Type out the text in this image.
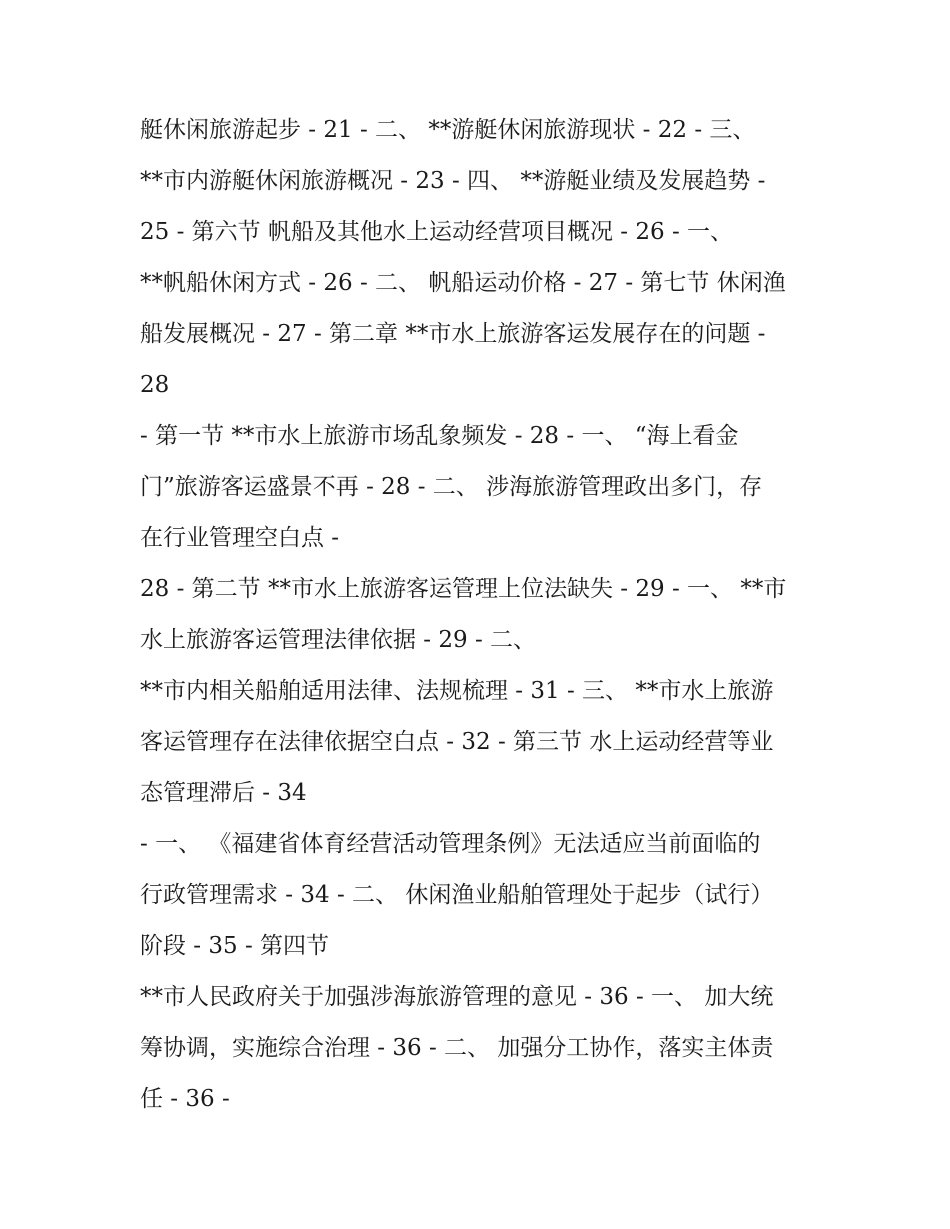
艇休闲旅游起步 - 21 - 二、 **游艇休闲旅游现状 - 22 - 三、
**市内游艇休闲旅游概况 - 23 - 四、 **游艇业绩及发展趋势 -
25 - 第六节 帆船及其他水上运动经营项目概况 - 26 - 一、
**帆船休闲方式 - 26 - 二、 帆船运动价格 - 27 - 第七节 休闲渔
船发展概况 - 27 - 第二章 **市水上旅游客运发展存在的问题 -
28
- 第一节 **市水上旅游市场乱象频发 - 28 - 一、 “海上看金
门”旅游客运盛景不再 - 28 - 二、 涉海旅游管理政出多门，存
在行业管理空白点 -
28 - 第二节 **市水上旅游客运管理上位法缺失 - 29 - 一、 **市
水上旅游客运管理法律依据 - 29 - 二、
**市内相关船舶适用法律、法规梳理 - 31 - 三、 **市水上旅游
客运管理存在法律依据空白点 - 32 - 第三节 水上运动经营等业
态管理滞后 - 34
- 一、 《福建省体育经营活动管理条例》无法适应当前面临的
行政管理需求 - 34 - 二、 休闲渔业船舶管理处于起步（试行）
阶段 - 35 - 第四节
**市人民政府关于加强涉海旅游管理的意见 - 36 - 一、 加大统
筹协调，实施综合治理 - 36 - 二、 加强分工协作，落实主体责
任 - 36 -
